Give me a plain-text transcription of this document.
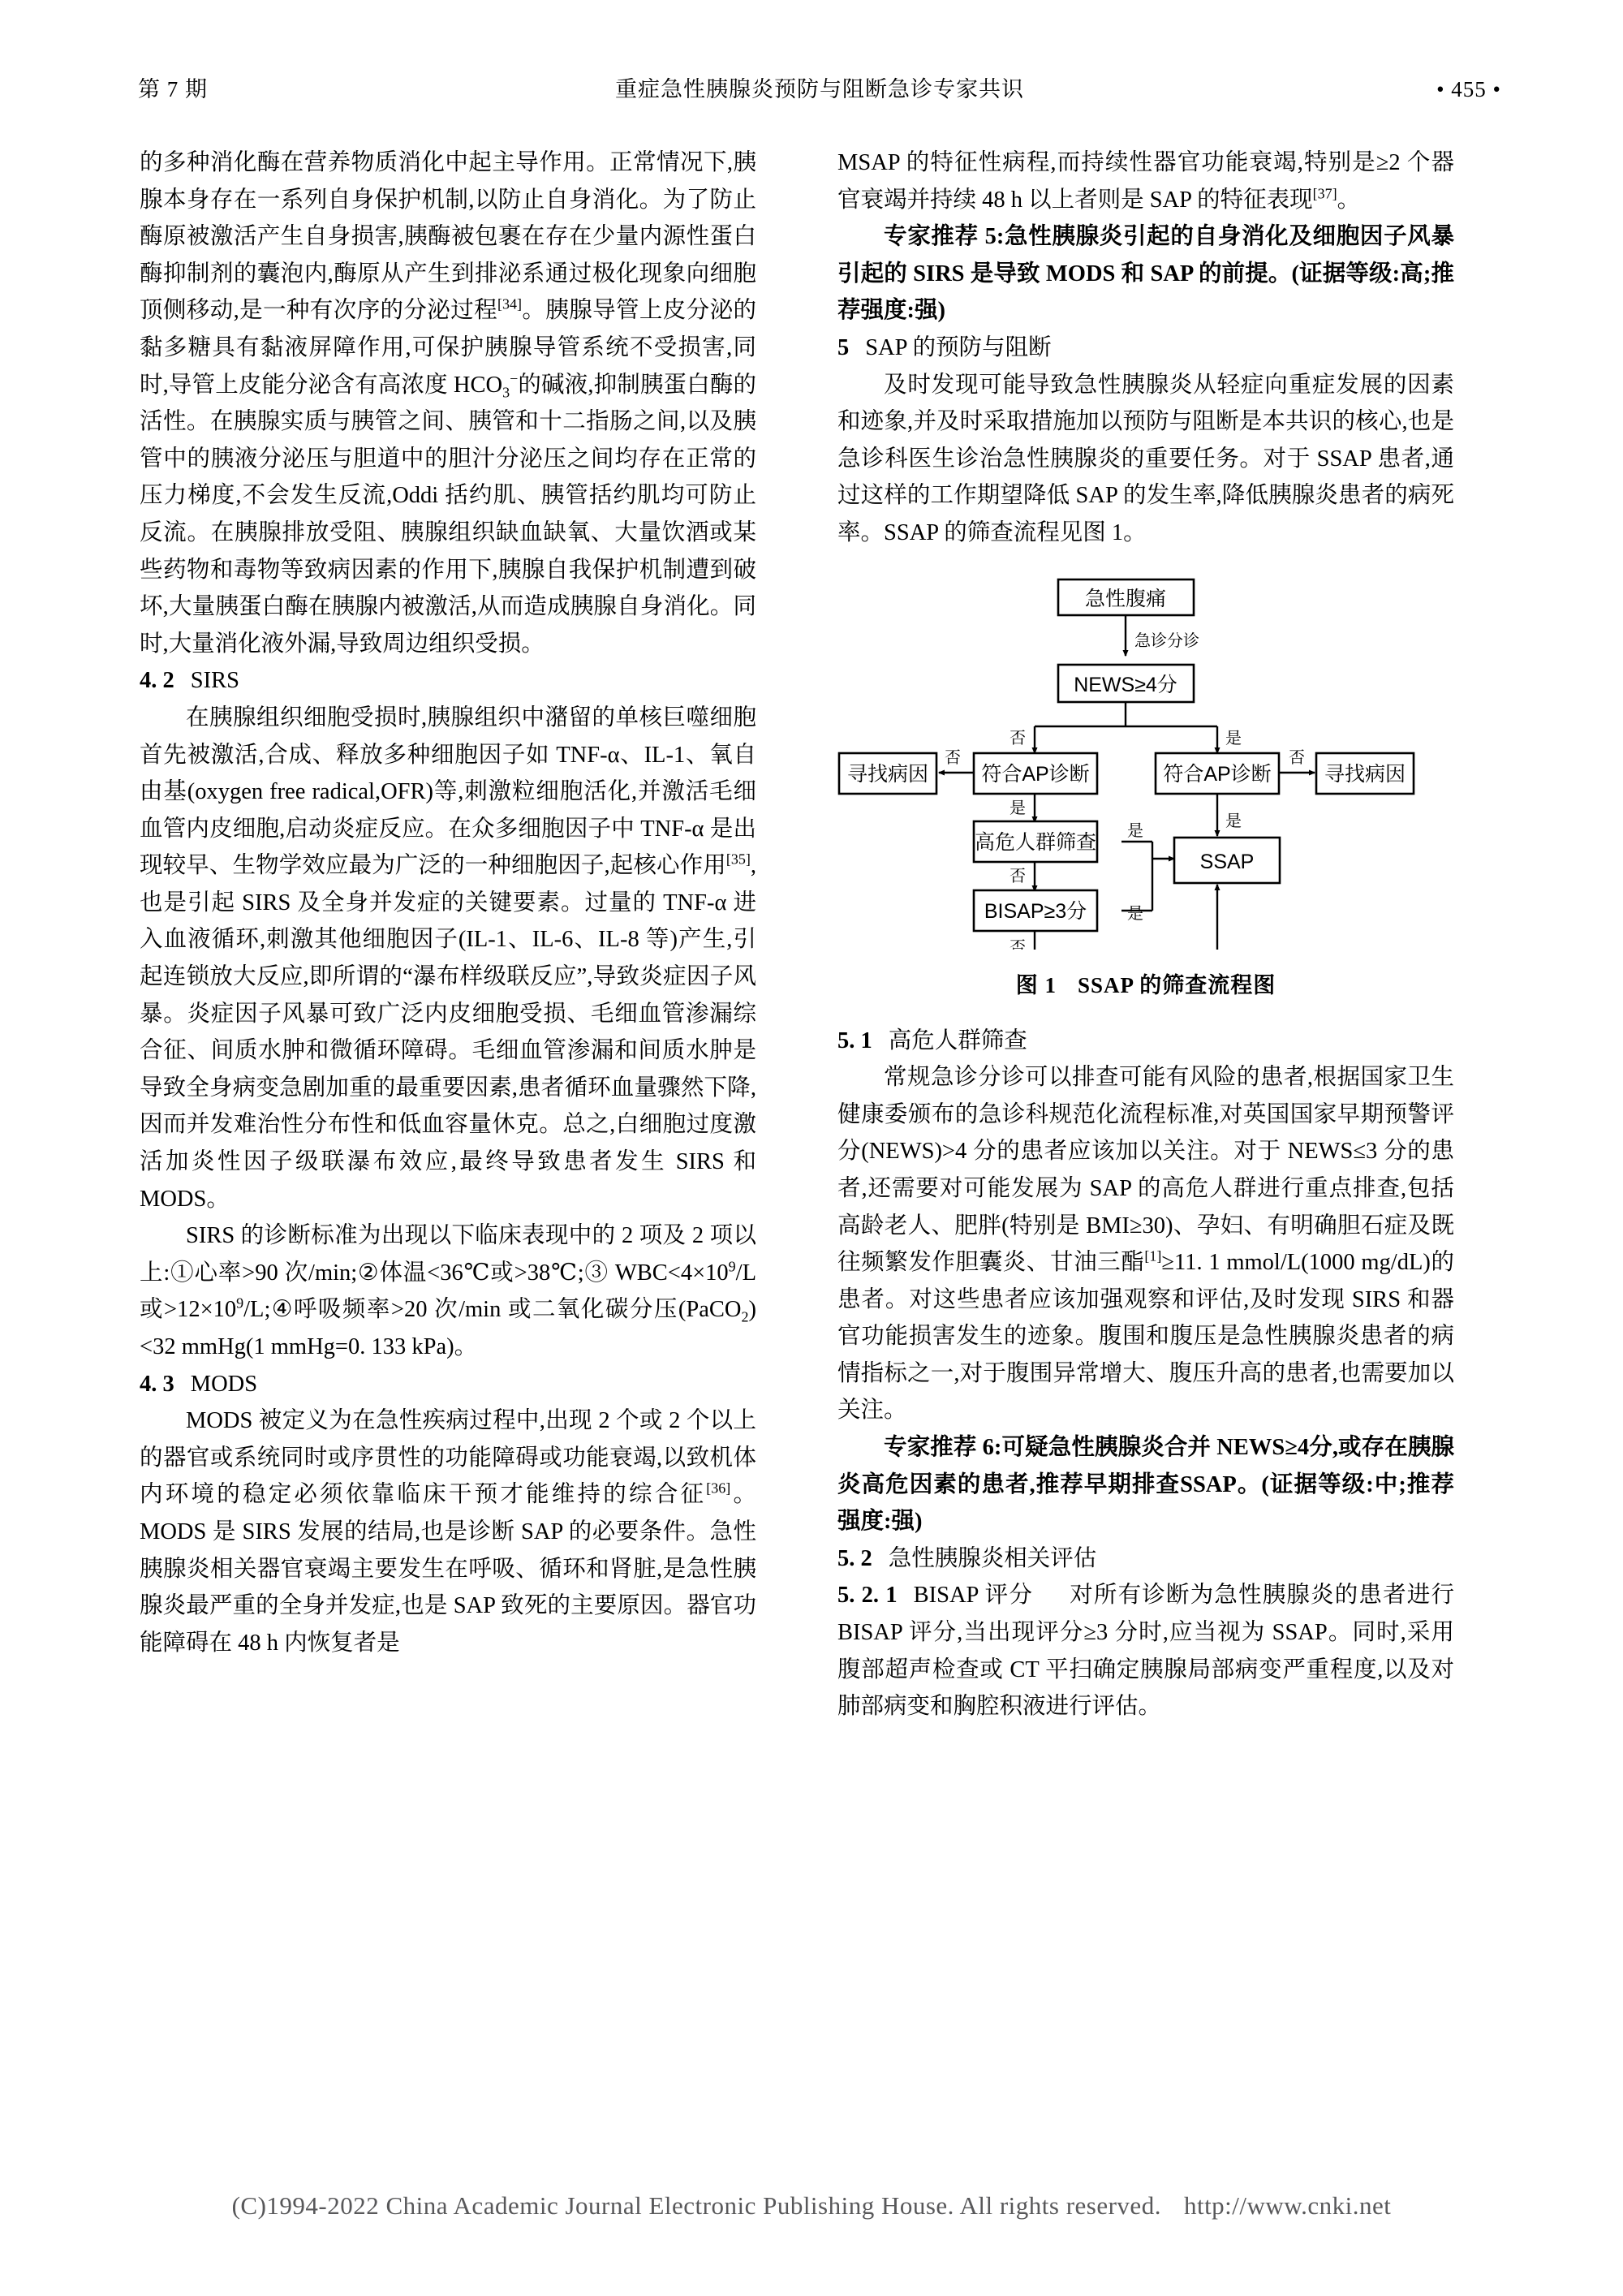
第 7 期	重症急性胰腺炎预防与阻断急诊专家共识	• 455 •

的多种消化酶在营养物质消化中起主导作用。正常情况下,胰腺本身存在一系列自身保护机制,以防止自身消化。为了防止酶原被激活产生自身损害,胰酶被包裹在存在少量内源性蛋白酶抑制剂的囊泡内,酶原从产生到排泌系通过极化现象向细胞顶侧移动,是一种有次序的分泌过程[34]。胰腺导管上皮分泌的黏多糖具有黏液屏障作用,可保护胰腺导管系统不受损害,同时,导管上皮能分泌含有高浓度 $HCO_3^-$的碱液,抑制胰蛋白酶的活性。在胰腺实质与胰管之间、胰管和十二指肠之间,以及胰管中的胰液分泌压与胆道中的胆汁分泌压之间均存在正常的压力梯度,不会发生反流,Oddi 括约肌、胰管括约肌均可防止反流。在胰腺排放受阻、胰腺组织缺血缺氧、大量饮酒或某些药物和毒物等致病因素的作用下,胰腺自我保护机制遭到破坏,大量胰蛋白酶在胰腺内被激活,从而造成胰腺自身消化。同时,大量消化液外漏,导致周边组织受损。

4. 2 SIRS

在胰腺组织细胞受损时,胰腺组织中潴留的单核巨噬细胞首先被激活,合成、释放多种细胞因子如 TNF-α、IL-1、氧自由基(oxygen free radical,OFR)等,刺激粒细胞活化,并激活毛细血管内皮细胞,启动炎症反应。在众多细胞因子中 TNF-α 是出现较早、生物学效应最为广泛的一种细胞因子,起核心作用[35],也是引起 SIRS 及全身并发症的关键要素。过量的 TNF-α 进入血液循环,刺激其他细胞因子(IL-1、IL-6、IL-8 等)产生,引起连锁放大反应,即所谓的“瀑布样级联反应”,导致炎症因子风暴。炎症因子风暴可致广泛内皮细胞受损、毛细血管渗漏综合征、间质水肿和微循环障碍。毛细血管渗漏和间质水肿是导致全身病变急剧加重的最重要因素,患者循环血量骤然下降,因而并发难治性分布性和低血容量休克。总之,白细胞过度激活加炎性因子级联瀑布效应,最终导致患者发生 SIRS 和 MODS。

SIRS 的诊断标准为出现以下临床表现中的 2 项及 2 项以上:①心率>90 次/min;②体温<36℃或>38℃;③ $WBC<4\times 10^9/L$ 或$>12\times 10^9/L;④$呼吸频率>20 次/min 或二氧化碳分压(PaCO$_2$)<32 mmHg(1 mmHg=0. 133 kPa)。

4. 3 MODS

MODS 被定义为在急性疾病过程中,出现 2 个或 2 个以上的器官或系统同时或序贯性的功能障碍或功能衰竭,以致机体内环境的稳定必须依靠临床干预才能维持的综合征[36]。MODS 是 SIRS 发展的结局,也是诊断 SAP 的必要条件。急性胰腺炎相关器官衰竭主要发生在呼吸、循环和肾脏,是急性胰腺炎最严重的全身并发症,也是 SAP 致死的主要原因。器官功能障碍在 48 h 内恢复者是

MSAP 的特征性病程,而持续性器官功能衰竭,特别是≥2 个器官衰竭并持续 48 h 以上者则是 SAP 的特征表现[37]。

专家推荐 5:急性胰腺炎引起的自身消化及细胞因子风暴引起的 SIRS 是导致 MODS 和 SAP 的前提。(证据等级:高;推荐强度:强)

5 SAP 的预防与阻断

及时发现可能导致急性胰腺炎从轻症向重症发展的因素和迹象,并及时采取措施加以预防与阻断是本共识的核心,也是急诊科医生诊治急性胰腺炎的重要任务。对于 SSAP 患者,通过这样的工作期望降低 SAP 的发生率,降低胰腺炎患者的病死率。SSAP 的筛查流程见图 1。

急性腹痛
NEWS≥4分
符合AP诊断	符合AP诊断
寻找病因	寻找病因
高危人群筛查
SSAP
BISAP≥3分
急诊分诊
否	是
否	否
是
是
是
否
是
否
图 1 SSAP 的筛查流程图

5. 1 高危人群筛查

常规急诊分诊可以排查可能有风险的患者,根据国家卫生健康委颁布的急诊科规范化流程标准,对英国国家早期预警评分(NEWS)>4 分的患者应该加以关注。对于 NEWS≤3 分的患者,还需要对可能发展为 SAP 的高危人群进行重点排查,包括高龄老人、肥胖(特别是 BMI≥30)、孕妇、有明确胆石症及既往频繁发作胆囊炎、甘油三酯[1]≥11. 1 mmol/L(1000 mg/dL)的患者。对这些患者应该加强观察和评估,及时发现 SIRS 和器官功能损害发生的迹象。腹围和腹压是急性胰腺炎患者的病情指标之一,对于腹围异常增大、腹压升高的患者,也需要加以关注。

专家推荐 6:可疑急性胰腺炎合并 NEWS≥4分,或存在胰腺炎高危因素的患者,推荐早期排查SSAP。(证据等级:中;推荐强度:强)

5. 2 急性胰腺炎相关评估

5. 2. 1 BISAP 评分 对所有诊断为急性胰腺炎的患者进行 BISAP 评分,当出现评分≥3 分时,应当视为 SSAP。同时,采用腹部超声检查或 CT 平扫确定胰腺局部病变严重程度,以及对肺部病变和胸腔积液进行评估。

(C)1994-2022 China Academic Journal Electronic Publishing House. All rights reserved. http://www.cnki.net
